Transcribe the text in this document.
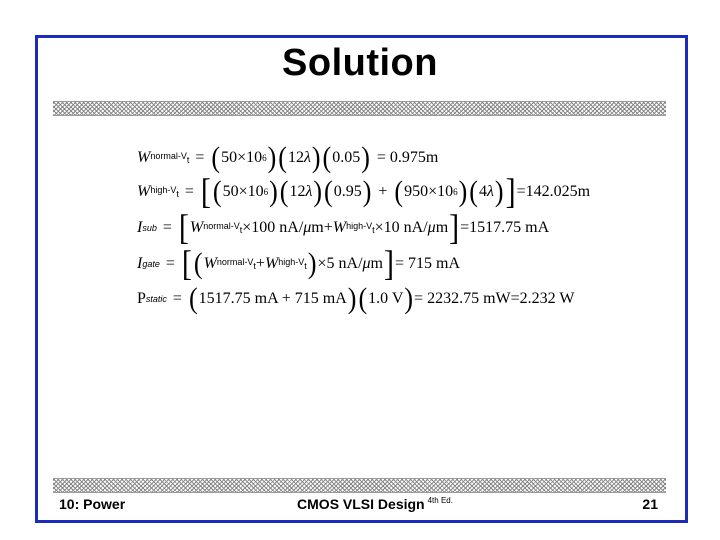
Solution
W normal-$V_t$ = ( 50×10 6 ) ( 12 λ ) ( 0.05 ) = 0.975m
W high-$V_t$ = [ ( 50×10 6 ) ( 12 λ ) ( 0.95 ) + ( 950×10 6 ) ( 4 λ ) ] =142.025m
I sub = [ W normal-$V_t \times 100$ nA/ μ m+ W high-$V_t \times 10$ nA/ μ m ] =1517.75 mA
I gate = [ ( W normal-$V_t + W$ high-$V_t$ ) ×5 nA/ μ m ] = 715 mA
P static = ( 1517.75 mA + 715 mA ) ( 1.0 V ) = 2232.75 mW=2.232 W
10: Power	CMOS VLSI Design $^{4th Ed.}$	21
